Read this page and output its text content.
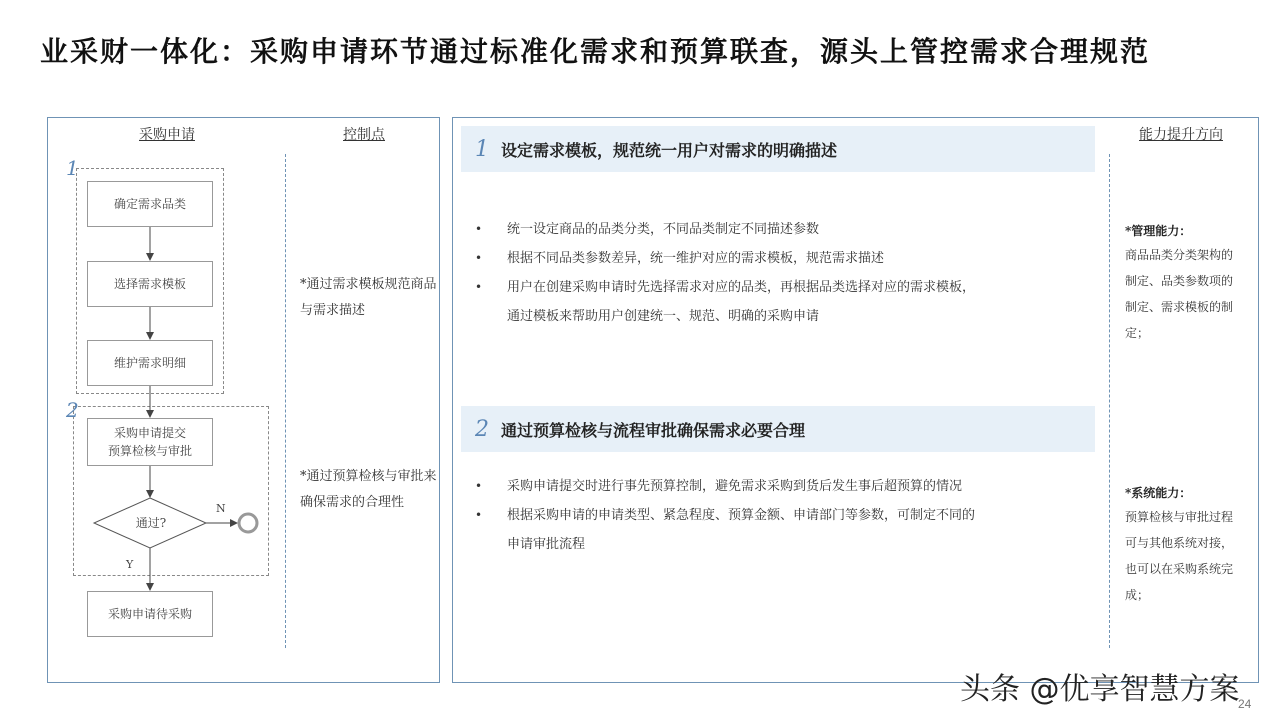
业采财一体化：采购申请环节通过标准化需求和预算联查，源头上管控需求合理规范
采购申请	控制点
1
2
确定需求品类
选择需求模板
维护需求明细
采购申请提交
预算检核与审批
采购申请待采购
通过?
N
Y
*通过需求模板规范商品与需求描述
*通过预算检核与审批来确保需求的合理性
1 设定需求模板，规范统一用户对需求的明确描述
• 统一设定商品的品类分类，不同品类制定不同描述参数
• 根据不同品类参数差异，统一维护对应的需求模板，规范需求描述
• 用户在创建采购申请时先选择需求对应的品类，再根据品类选择对应的需求模板，通过模板来帮助用户创建统一、规范、明确的采购申请
2 通过预算检核与流程审批确保需求必要合理
• 采购申请提交时进行事先预算控制，避免需求采购到货后发生事后超预算的情况
• 根据采购申请的申请类型、紧急程度、预算金额、申请部门等参数，可制定不同的申请审批流程
能力提升方向
*管理能力：
商品品类分类架构的制定、品类参数项的制定、需求模板的制定；
*系统能力：
预算检核与审批过程可与其他系统对接，也可以在采购系统完成；
头条 @优享智慧方案
24
